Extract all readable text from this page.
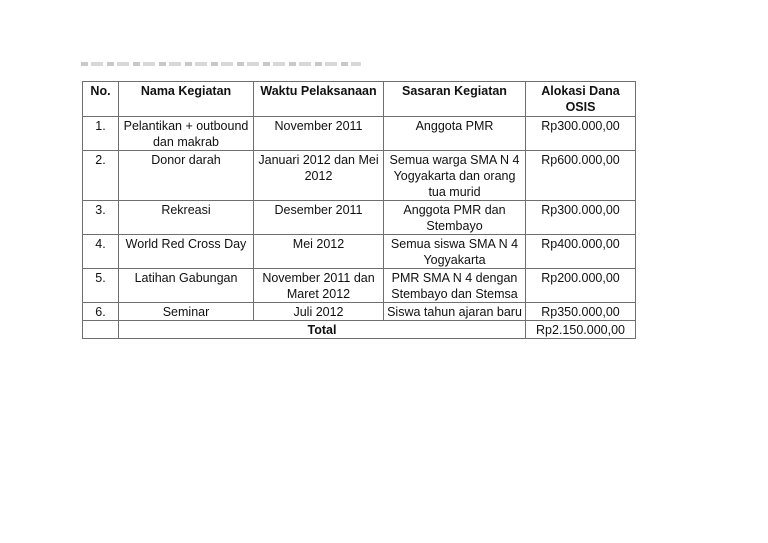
No.	Nama Kegiatan	Waktu Pelaksanaan	Sasaran Kegiatan	Alokasi Dana OSIS
1.	Pelantikan + outbound dan makrab	November 2011	Anggota PMR	Rp300.000,00
2.	Donor darah	Januari 2012 dan Mei 2012	Semua warga SMA N 4 Yogyakarta dan orang tua murid	Rp600.000,00
3.	Rekreasi	Desember 2011	Anggota PMR dan Stembayo	Rp300.000,00
4.	World Red Cross Day	Mei 2012	Semua siswa SMA N 4 Yogyakarta	Rp400.000,00
5.	Latihan Gabungan	November 2011 dan Maret 2012	PMR SMA N 4 dengan Stembayo dan Stemsa	Rp200.000,00
6.	Seminar	Juli 2012	Siswa tahun ajaran baru	Rp350.000,00
	Total			Rp2.150.000,00
